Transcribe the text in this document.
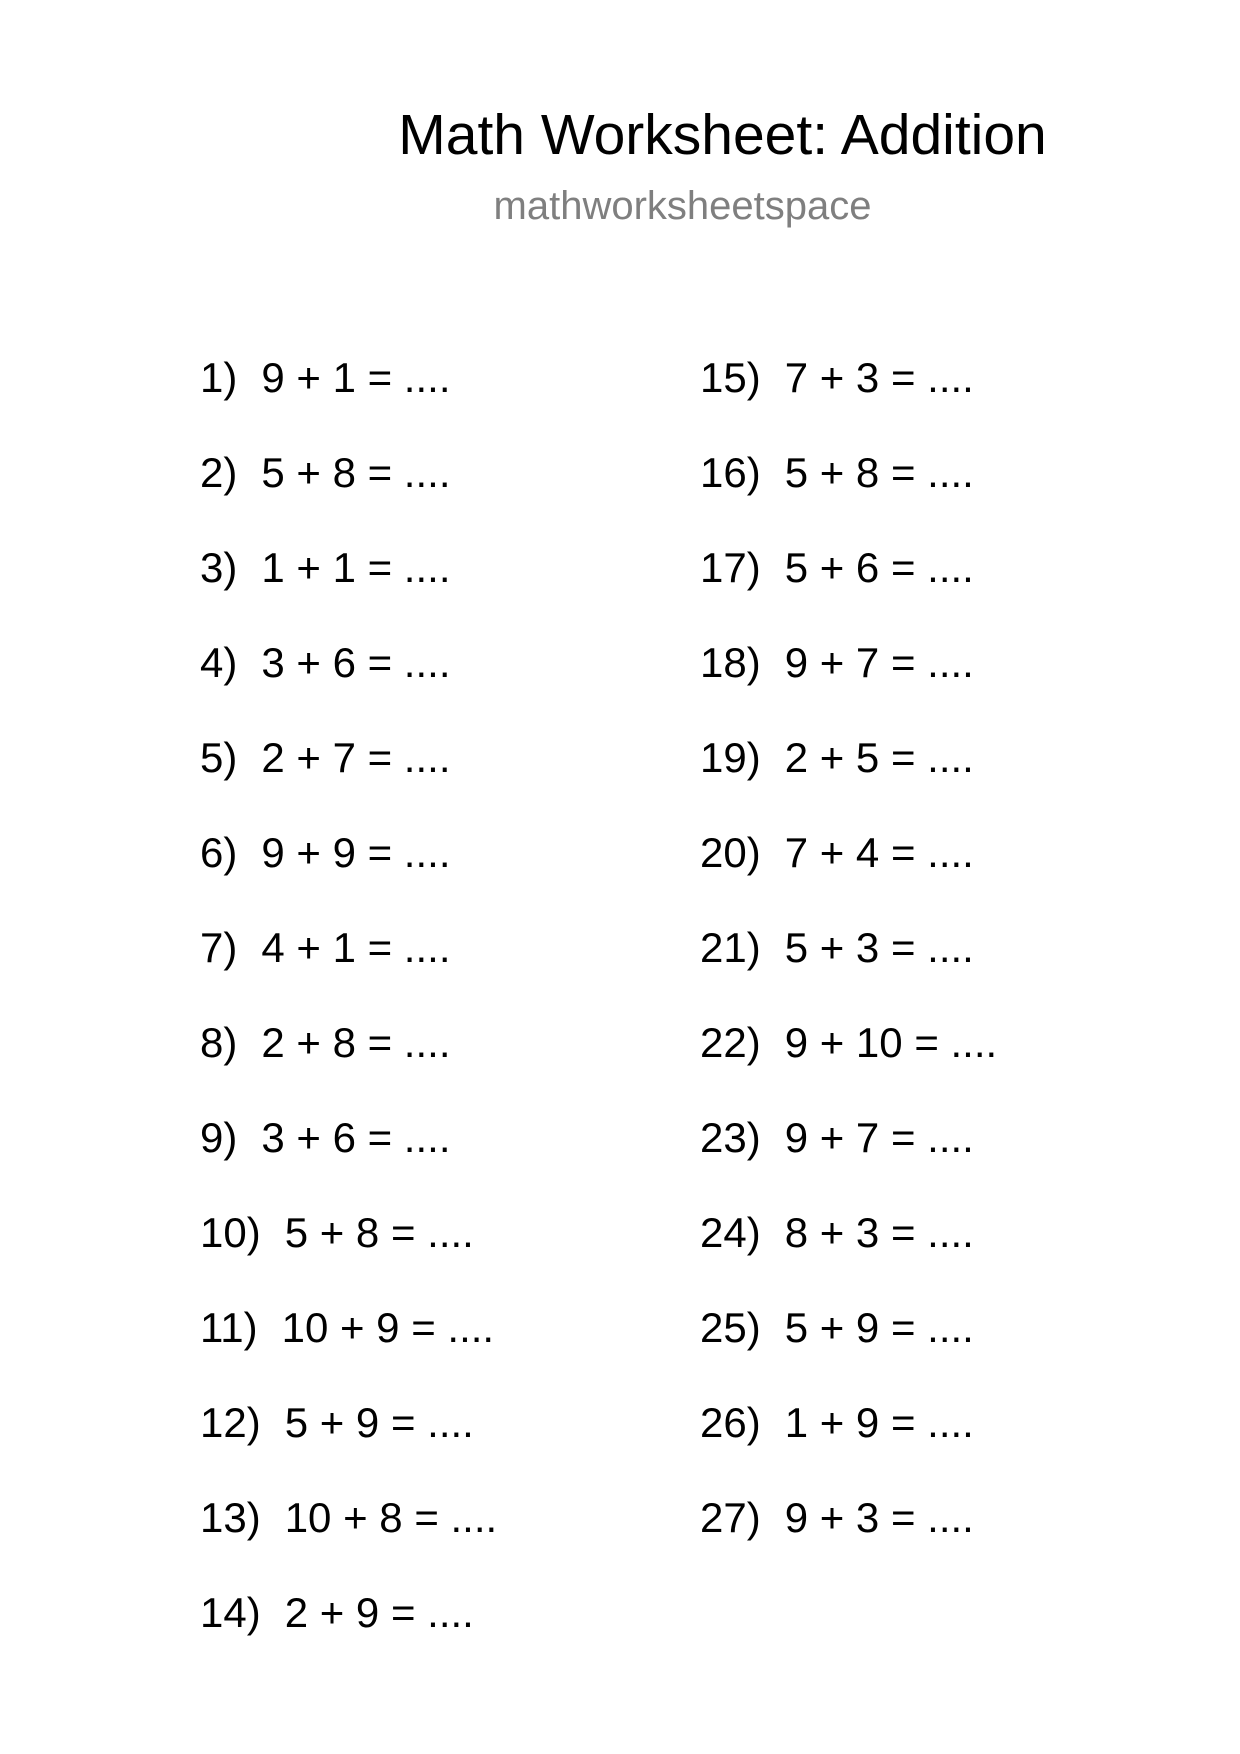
Math Worksheet: Addition
mathworksheetspace
1) 9 + 1 = ....
2) 5 + 8 = ....
3) 1 + 1 = ....
4) 3 + 6 = ....
5) 2 + 7 = ....
6) 9 + 9 = ....
7) 4 + 1 = ....
8) 2 + 8 = ....
9) 3 + 6 = ....
10) 5 + 8 = ....
11) 10 + 9 = ....
12) 5 + 9 = ....
13) 10 + 8 = ....
14) 2 + 9 = ....
15) 7 + 3 = ....
16) 5 + 8 = ....
17) 5 + 6 = ....
18) 9 + 7 = ....
19) 2 + 5 = ....
20) 7 + 4 = ....
21) 5 + 3 = ....
22) 9 + 10 = ....
23) 9 + 7 = ....
24) 8 + 3 = ....
25) 5 + 9 = ....
26) 1 + 9 = ....
27) 9 + 3 = ....
